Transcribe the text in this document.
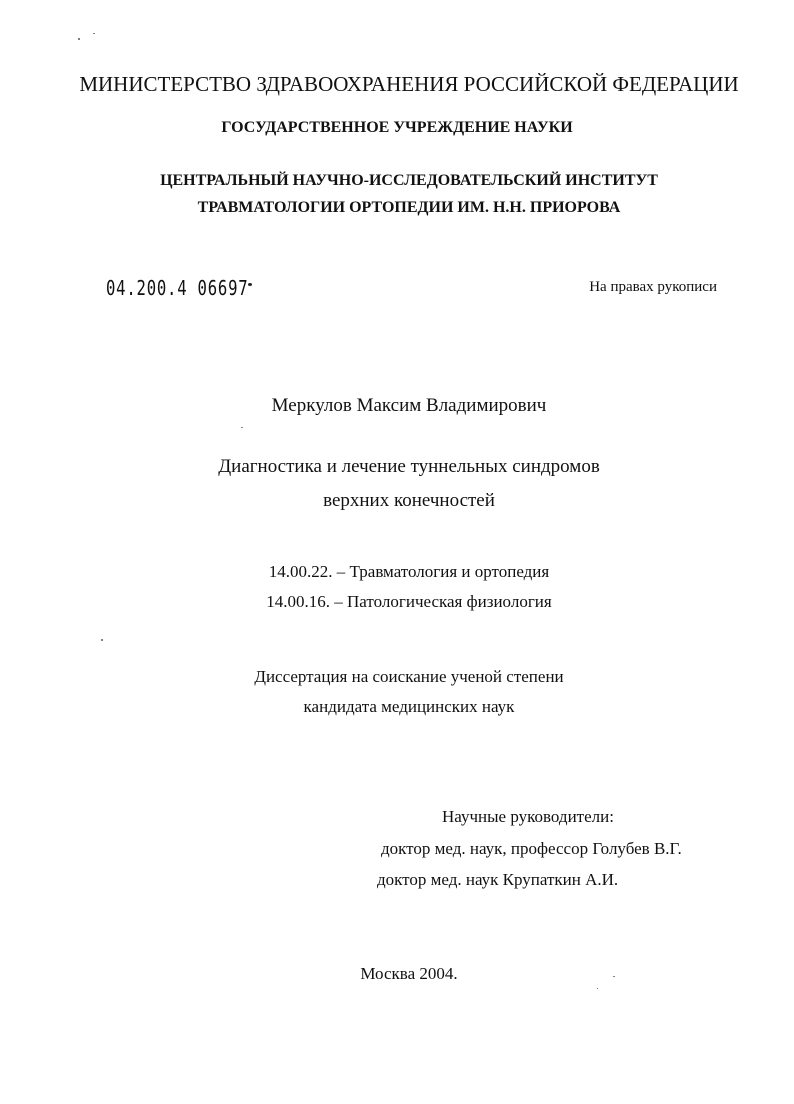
МИНИСТЕРСТВО ЗДРАВООХРАНЕНИЯ РОССИЙСКОЙ ФЕДЕРАЦИИ
ГОСУДАРСТВЕННОЕ УЧРЕЖДЕНИЕ НАУКИ
ЦЕНТРАЛЬНЫЙ НАУЧНО-ИССЛЕДОВАТЕЛЬСКИЙ ИНСТИТУТ
ТРАВМАТОЛОГИИ ОРТОПЕДИИ ИМ. Н.Н. ПРИОРОВА
04.200.4 06697	На правах рукописи
Меркулов Максим Владимирович
Диагностика и лечение туннельных синдромов
верхних конечностей
14.00.22. – Травматология и ортопедия
14.00.16. – Патологическая физиология
Диссертация на соискание ученой степени
кандидата медицинских наук
Научные руководители:
доктор мед. наук, профессор Голубев В.Г.
доктор мед. наук Крупаткин А.И.
Москва 2004.
